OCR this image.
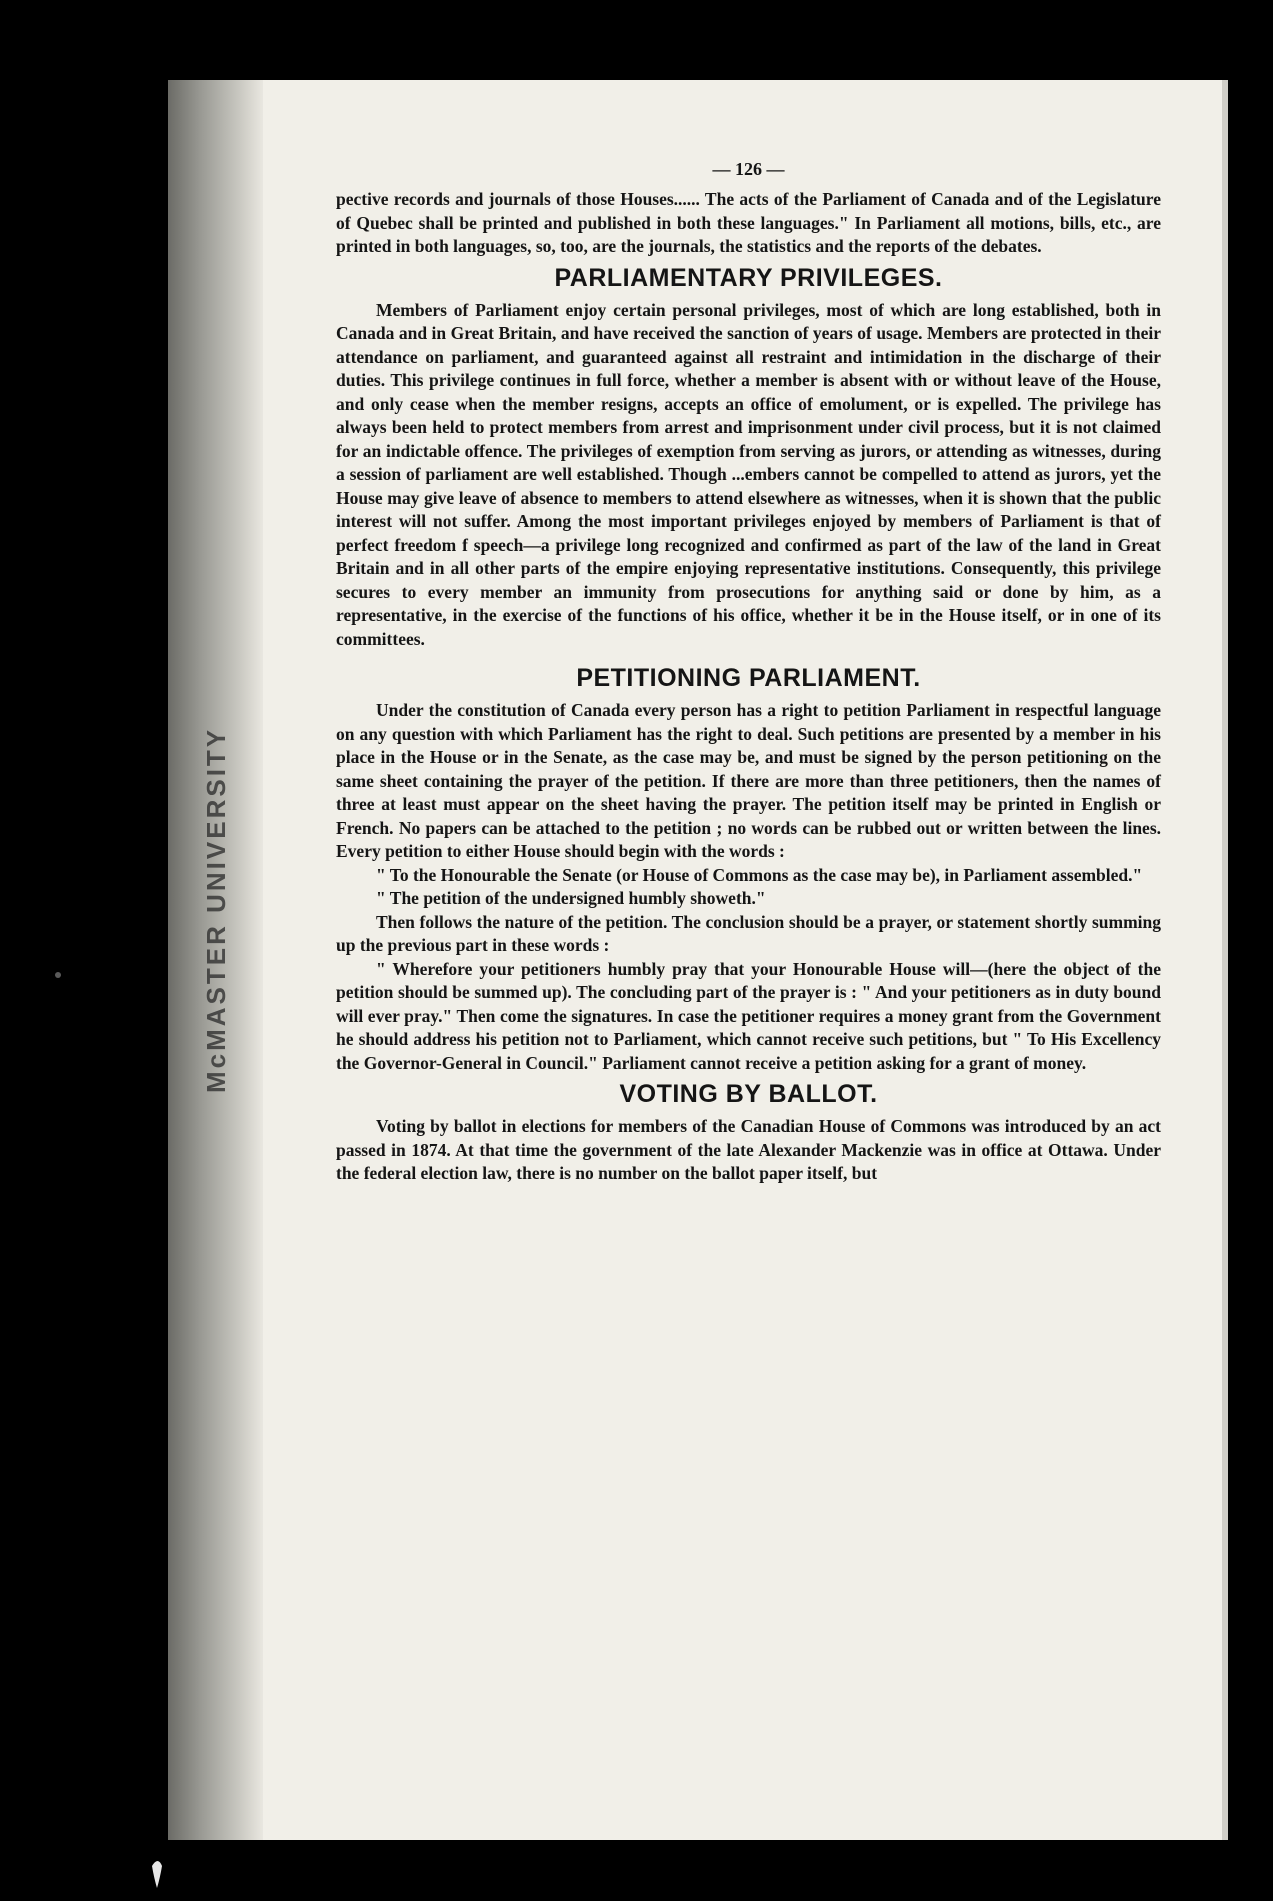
McMASTER UNIVERSITY
— 126 —

pective records and journals of those Houses...... The acts of the Parliament of Canada and of the Legislature of Quebec shall be printed and published in both these languages." In Parliament all motions, bills, etc., are printed in both languages, so, too, are the journals, the statistics and the reports of the debates.

PARLIAMENTARY PRIVILEGES.

Members of Parliament enjoy certain personal privileges, most of which are long established, both in Canada and in Great Britain, and have received the sanction of years of usage. Members are protected in their attendance on parliament, and guaranteed against all restraint and intimidation in the discharge of their duties. This privilege continues in full force, whether a member is absent with or without leave of the House, and only cease when the member resigns, accepts an office of emolument, or is expelled. The privilege has always been held to protect members from arrest and imprisonment under civil process, but it is not claimed for an indictable offence. The privileges of exemption from serving as jurors, or attending as witnesses, during a session of parliament are well established. Though ...embers cannot be compelled to attend as jurors, yet the House may give leave of absence to members to attend elsewhere as witnesses, when it is shown that the public interest will not suffer. Among the most important privileges enjoyed by members of Parliament is that of perfect freedom f speech—a privilege long recognized and confirmed as part of the law of the land in Great Britain and in all other parts of the empire enjoying representative institutions. Consequently, this privilege secures to every member an immunity from prosecutions for anything said or done by him, as a representative, in the exercise of the functions of his office, whether it be in the House itself, or in one of its committees.

PETITIONING PARLIAMENT.

Under the constitution of Canada every person has a right to petition Parliament in respectful language on any question with which Parliament has the right to deal. Such petitions are presented by a member in his place in the House or in the Senate, as the case may be, and must be signed by the person petitioning on the same sheet containing the prayer of the petition. If there are more than three petitioners, then the names of three at least must appear on the sheet having the prayer. The petition itself may be printed in English or French. No papers can be attached to the petition ; no words can be rubbed out or written between the lines. Every petition to either House should begin with the words :

" To the Honourable the Senate (or House of Commons as the case may be), in Parliament assembled."

" The petition of the undersigned humbly showeth."

Then follows the nature of the petition. The conclusion should be a prayer, or statement shortly summing up the previous part in these words :

" Wherefore your petitioners humbly pray that your Honourable House will—(here the object of the petition should be summed up). The concluding part of the prayer is : " And your petitioners as in duty bound will ever pray." Then come the signatures. In case the petitioner requires a money grant from the Government he should address his petition not to Parliament, which cannot receive such petitions, but " To His Excellency the Governor-General in Council." Parliament cannot receive a petition asking for a grant of money.

VOTING BY BALLOT.

Voting by ballot in elections for members of the Canadian House of Commons was introduced by an act passed in 1874. At that time the government of the late Alexander Mackenzie was in office at Ottawa. Under the federal election law, there is no number on the ballot paper itself, but
